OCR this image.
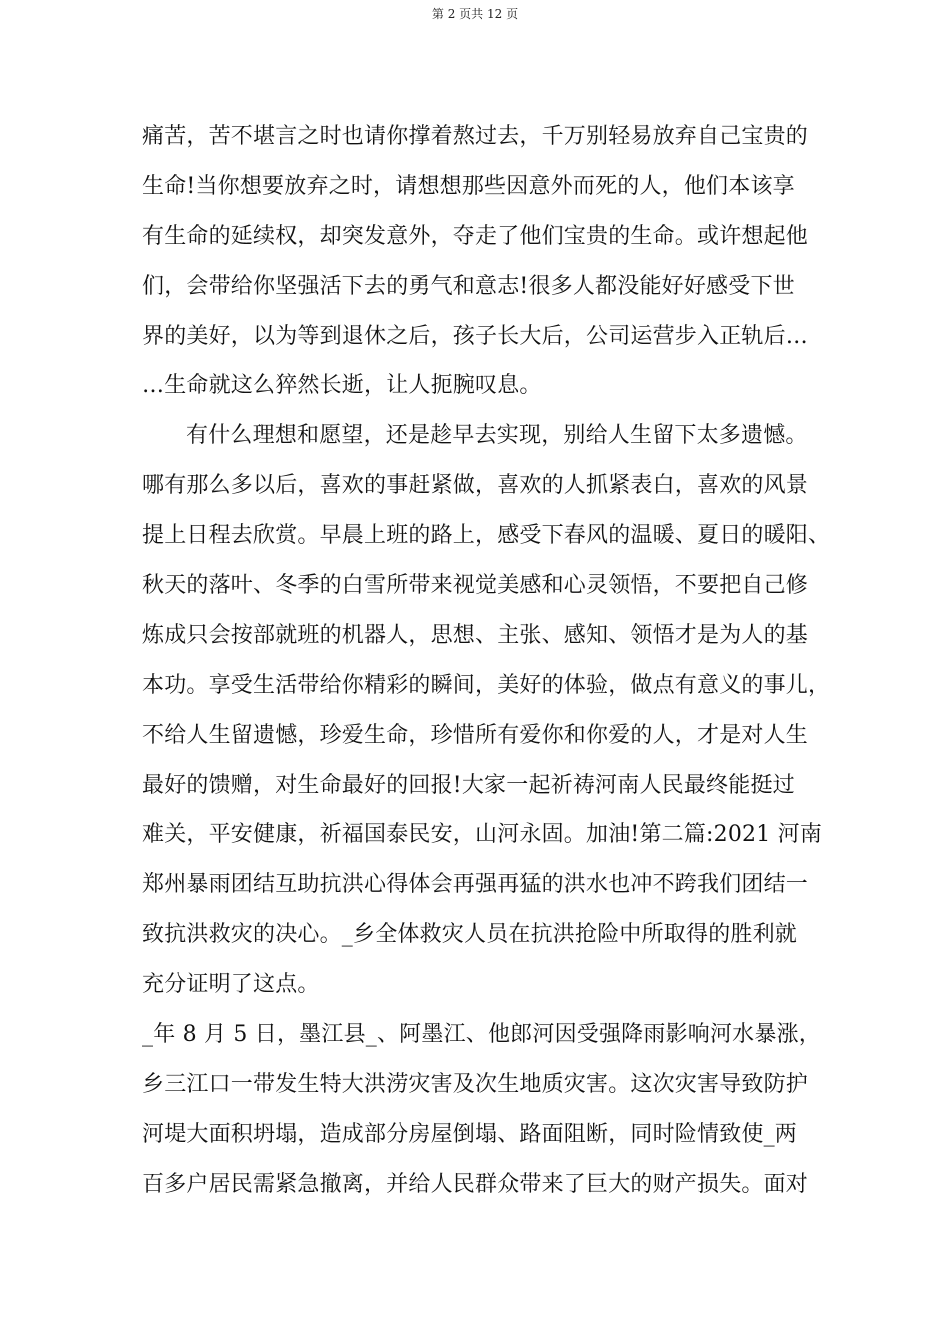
第 2 页共 12 页
痛苦，苦不堪言之时也请你撑着熬过去，千万别轻易放弃自己宝贵的
生命!当你想要放弃之时，请想想那些因意外而死的人，他们本该享
有生命的延续权，却突发意外，夺走了他们宝贵的生命。或许想起他
们，会带给你坚强活下去的勇气和意志!很多人都没能好好感受下世
界的美好，以为等到退休之后，孩子长大后，公司运营步入正轨后…
…生命就这么猝然长逝，让人扼腕叹息。
有什么理想和愿望，还是趁早去实现，别给人生留下太多遗憾。
哪有那么多以后，喜欢的事赶紧做，喜欢的人抓紧表白，喜欢的风景
提上日程去欣赏。早晨上班的路上，感受下春风的温暖、夏日的暖阳、
秋天的落叶、冬季的白雪所带来视觉美感和心灵领悟，不要把自己修
炼成只会按部就班的机器人，思想、主张、感知、领悟才是为人的基
本功。享受生活带给你精彩的瞬间，美好的体验，做点有意义的事儿，
不给人生留遗憾，珍爱生命，珍惜所有爱你和你爱的人，才是对人生
最好的馈赠，对生命最好的回报!大家一起祈祷河南人民最终能挺过
难关，平安健康，祈福国泰民安，山河永固。加油!第二篇:2021 河南
郑州暴雨团结互助抗洪心得体会再强再猛的洪水也冲不跨我们团结一
致抗洪救灾的决心。_乡全体救灾人员在抗洪抢险中所取得的胜利就
充分证明了这点。
_年 8 月 5 日，墨江县_、阿墨江、他郎河因受强降雨影响河水暴涨，
乡三江口一带发生特大洪涝灾害及次生地质灾害。这次灾害导致防护
河堤大面积坍塌，造成部分房屋倒塌、路面阻断，同时险情致使_两
百多户居民需紧急撤离，并给人民群众带来了巨大的财产损失。面对
